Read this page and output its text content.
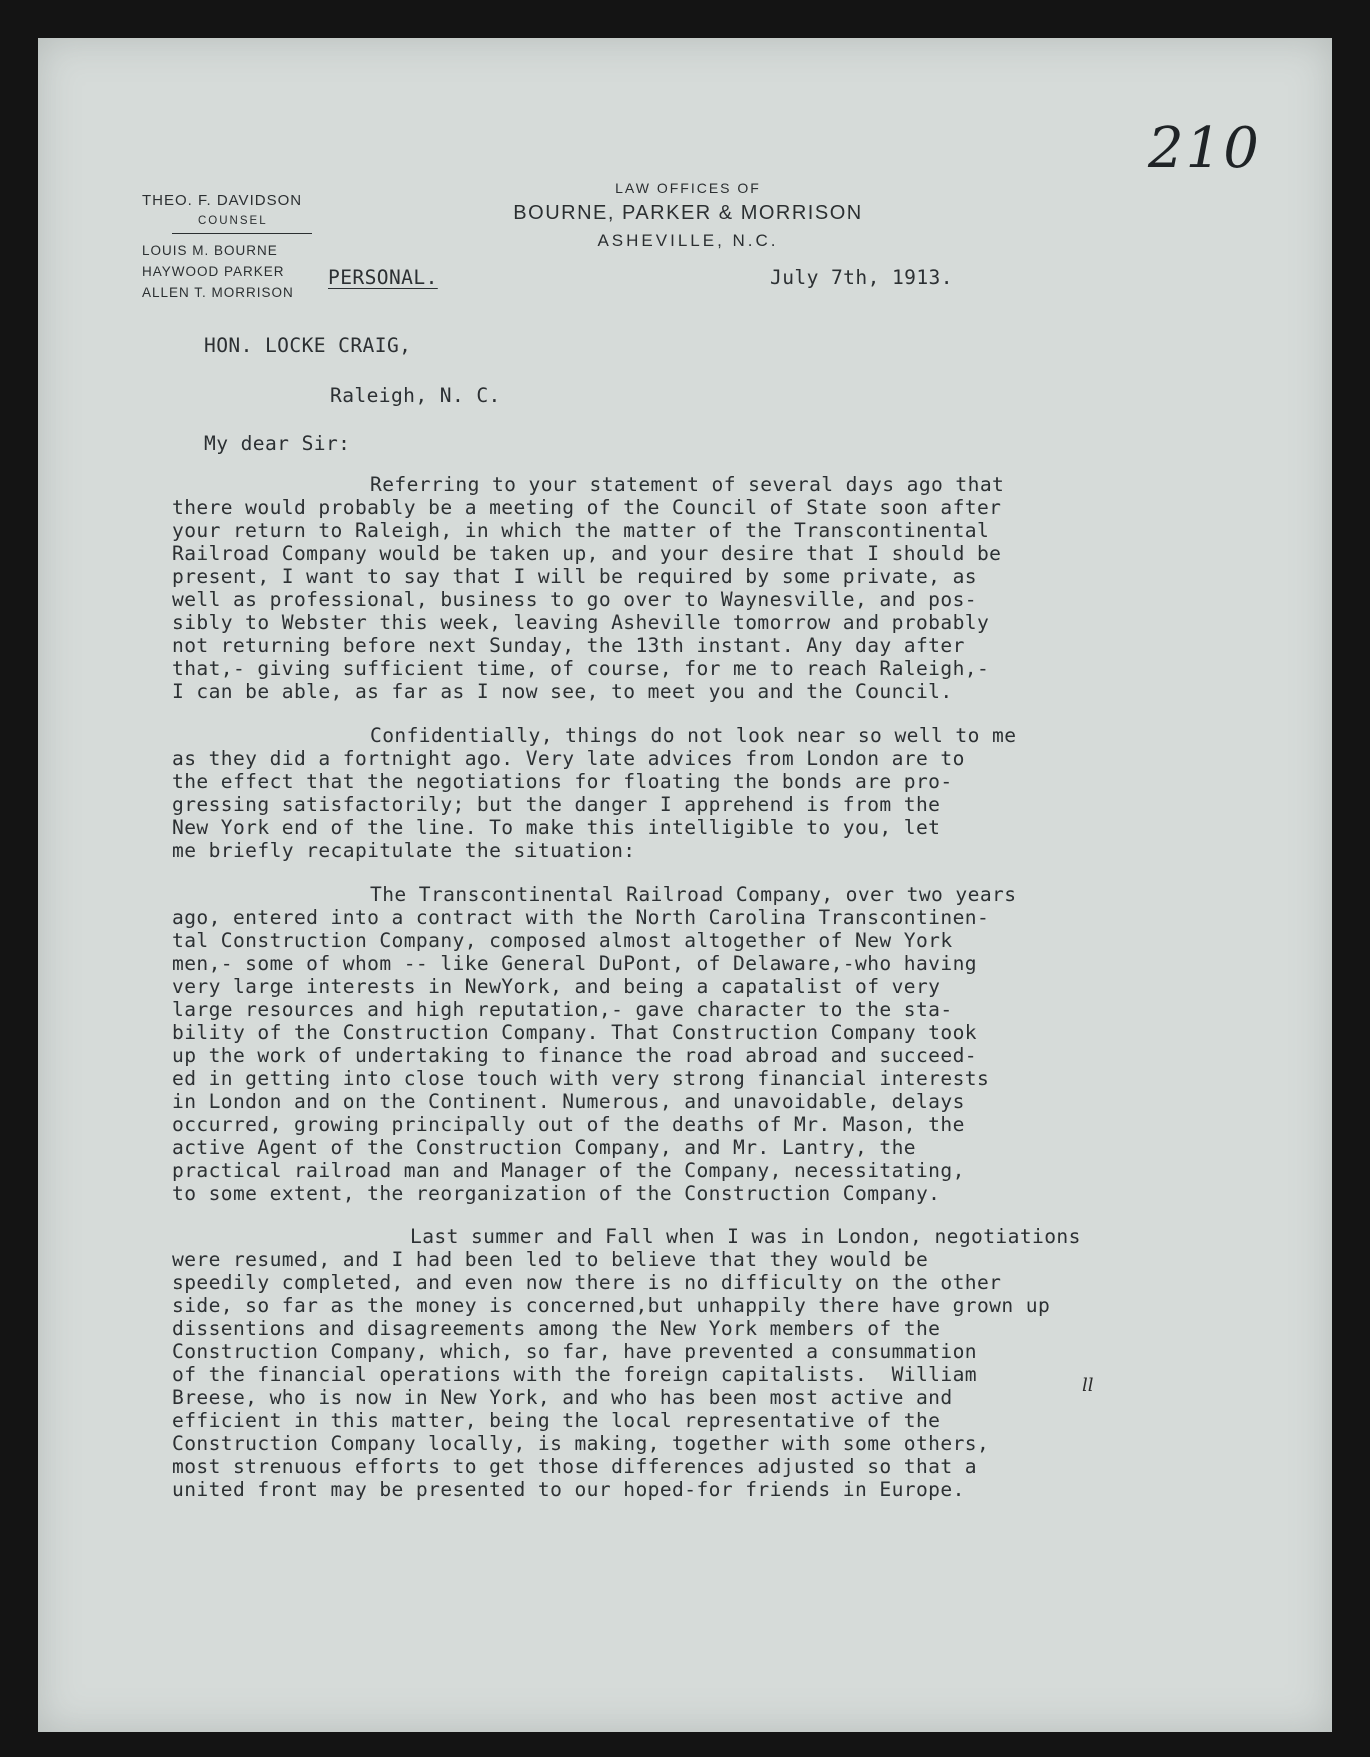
210
THEO. F. DAVIDSON
COUNSEL
LOUIS M. BOURNE
HAYWOOD PARKER
ALLEN T. MORRISON
LAW OFFICES OF
BOURNE, PARKER & MORRISON
ASHEVILLE, N.C.
PERSONAL.	July 7th, 1913.
HON. LOCKE CRAIG,
Raleigh, N. C.
My dear Sir:
Referring to your statement of several days ago that
there would probably be a meeting of the Council of State soon after
your return to Raleigh, in which the matter of the Transcontinental
Railroad Company would be taken up, and your desire that I should be
present, I want to say that I will be required by some private, as
well as professional, business to go over to Waynesville, and pos-
sibly to Webster this week, leaving Asheville tomorrow and probably
not returning before next Sunday, the 13th instant. Any day after
that,- giving sufficient time, of course, for me to reach Raleigh,-
I can be able, as far as I now see, to meet you and the Council.
Confidentially, things do not look near so well to me
as they did a fortnight ago. Very late advices from London are to
the effect that the negotiations for floating the bonds are pro-
gressing satisfactorily; but the danger I apprehend is from the
New York end of the line. To make this intelligible to you, let
me briefly recapitulate the situation:
The Transcontinental Railroad Company, over two years
ago, entered into a contract with the North Carolina Transcontinen-
tal Construction Company, composed almost altogether of New York
men,- some of whom -- like General DuPont, of Delaware,-who having
very large interests in NewYork, and being a capatalist of very
large resources and high reputation,- gave character to the sta-
bility of the Construction Company. That Construction Company took
up the work of undertaking to finance the road abroad and succeed-
ed in getting into close touch with very strong financial interests
in London and on the Continent. Numerous, and unavoidable, delays
occurred, growing principally out of the deaths of Mr. Mason, the
active Agent of the Construction Company, and Mr. Lantry, the
practical railroad man and Manager of the Company, necessitating,
to some extent, the reorganization of the Construction Company.
Last summer and Fall when I was in London, negotiations
were resumed, and I had been led to believe that they would be
speedily completed, and even now there is no difficulty on the other
side, so far as the money is concerned,but unhappily there have grown up
dissentions and disagreements among the New York members of the
Construction Company, which, so far, have prevented a consummation
of the financial operations with the foreign capitalists.  William
Breese, who is now in New York, and who has been most active and
efficient in this matter, being the local representative of the
Construction Company locally, is making, together with some others,
most strenuous efforts to get those differences adjusted so that a
united front may be presented to our hoped-for friends in Europe.
ll
